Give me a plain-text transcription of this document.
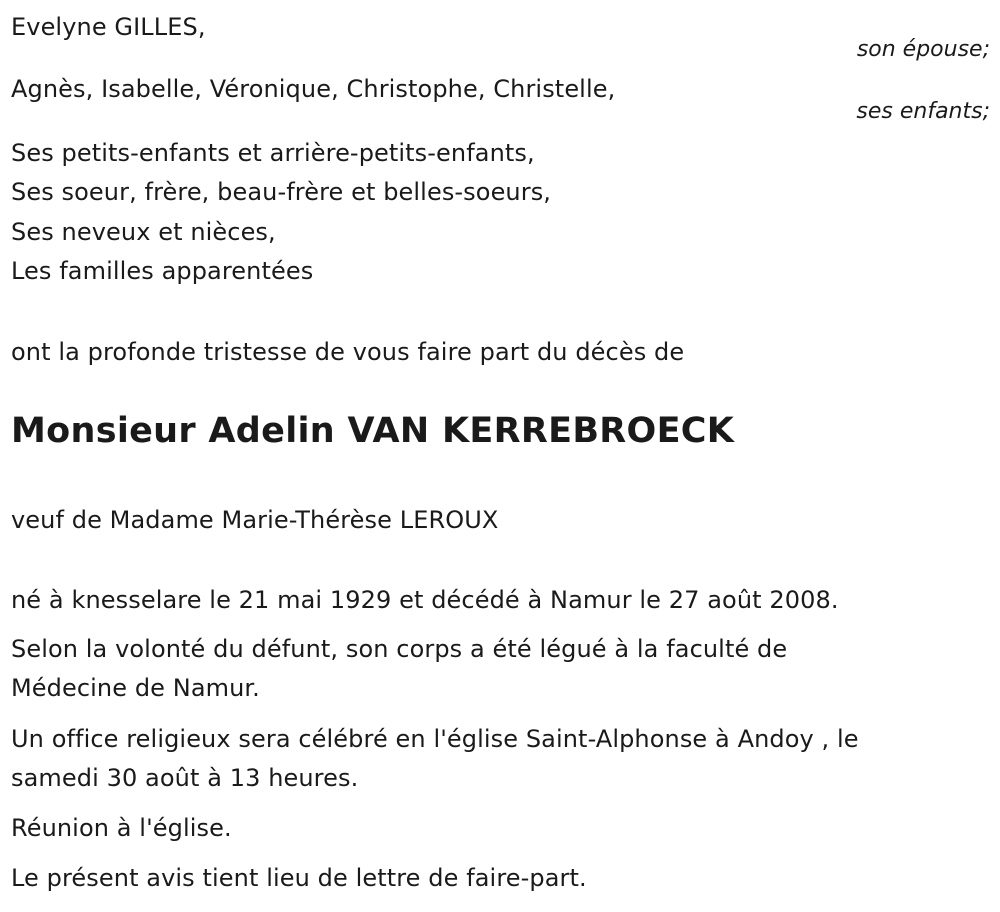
Evelyne GILLES,
son épouse;
Agnès, Isabelle, Véronique, Christophe, Christelle,
ses enfants;
Ses petits-enfants et arrière-petits-enfants,
Ses soeur, frère, beau-frère et belles-soeurs,
Ses neveux et nièces,
Les familles apparentées
ont la profonde tristesse de vous faire part du décès de
Monsieur Adelin VAN KERREBROECK
veuf de Madame Marie-Thérèse LEROUX
né à knesselare le 21 mai 1929 et décédé à Namur le 27 août 2008.
Selon la volonté du défunt, son corps a été légué à la faculté de
Médecine de Namur.
Un office religieux sera célébré en l'église Saint-Alphonse à Andoy , le
samedi 30 août à 13 heures.
Réunion à l'église.
Le présent avis tient lieu de lettre de faire-part.
